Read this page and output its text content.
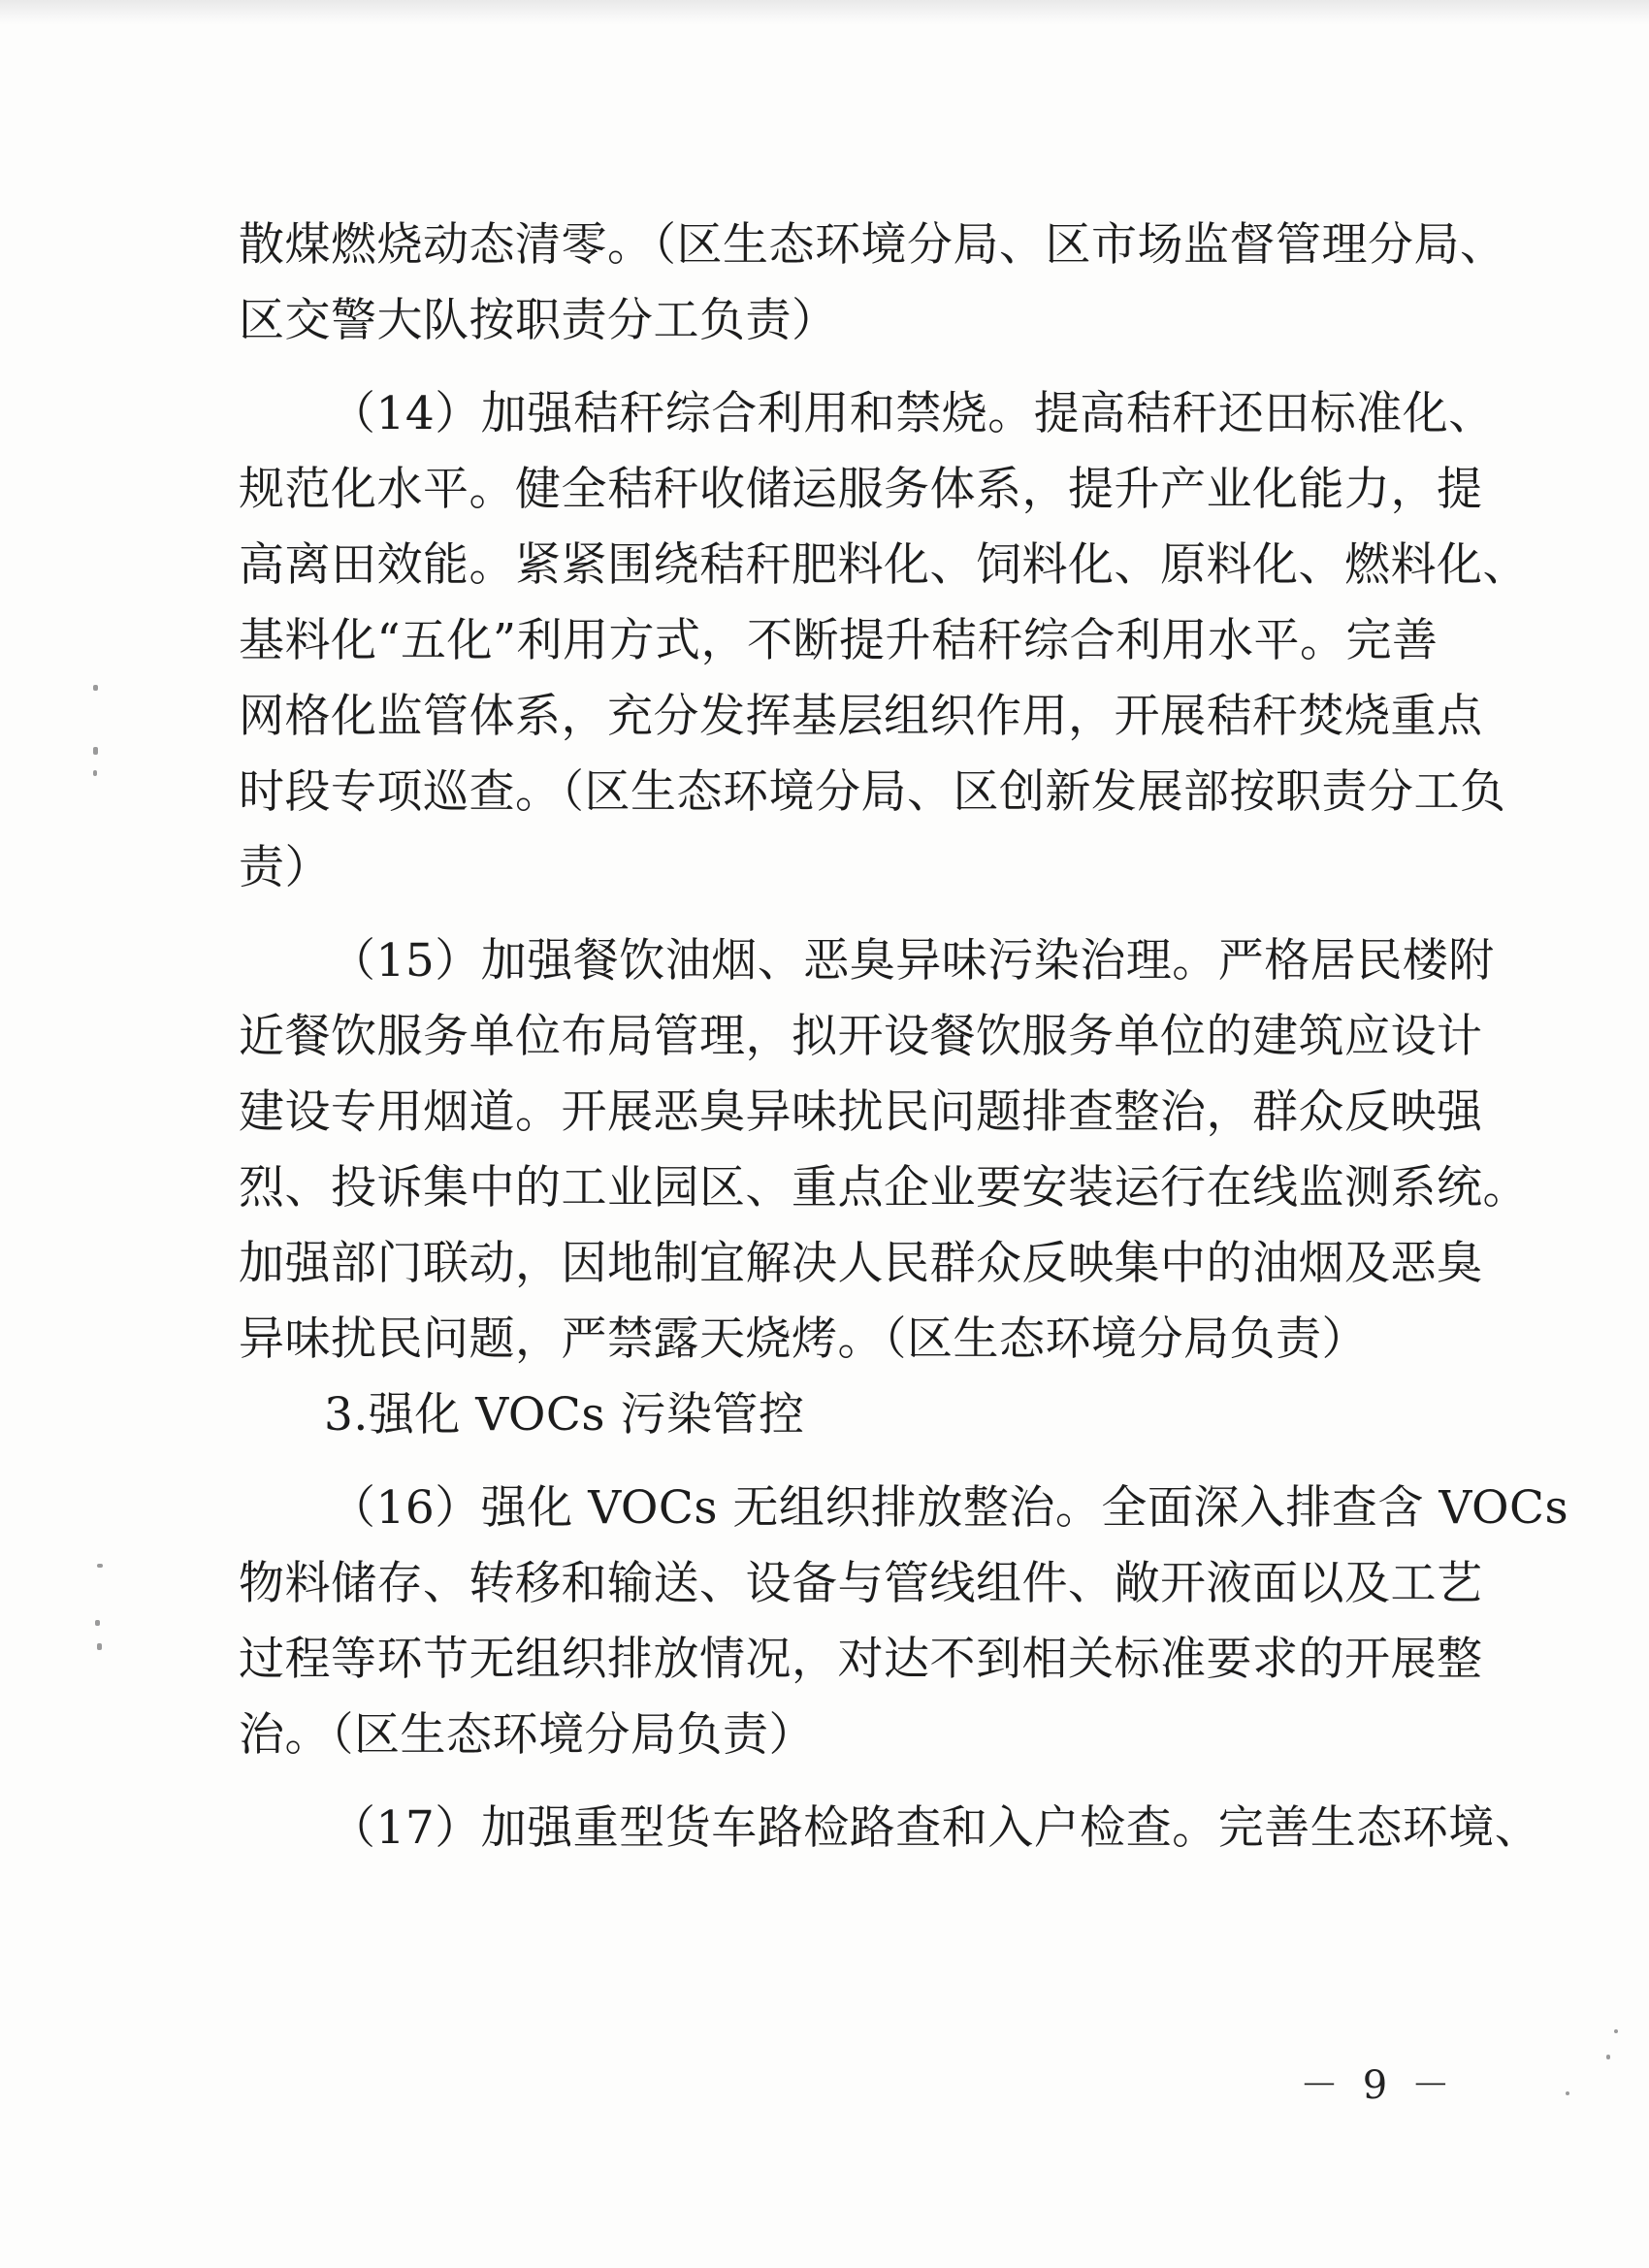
散煤燃烧动态清零。（区生态环境分局、区市场监督管理分局、
区交警大队按职责分工负责）
（14）加强秸秆综合利用和禁烧。提高秸秆还田标准化、
规范化水平。健全秸秆收储运服务体系，提升产业化能力，提
高离田效能。紧紧围绕秸秆肥料化、饲料化、原料化、燃料化、
基料化“五化”利用方式，不断提升秸秆综合利用水平。完善
网格化监管体系，充分发挥基层组织作用，开展秸秆焚烧重点
时段专项巡查。（区生态环境分局、区创新发展部按职责分工负
责）
（15）加强餐饮油烟、恶臭异味污染治理。严格居民楼附
近餐饮服务单位布局管理，拟开设餐饮服务单位的建筑应设计
建设专用烟道。开展恶臭异味扰民问题排查整治，群众反映强
烈、投诉集中的工业园区、重点企业要安装运行在线监测系统。
加强部门联动，因地制宜解决人民群众反映集中的油烟及恶臭
异味扰民问题，严禁露天烧烤。（区生态环境分局负责）
3.强化 VOCs 污染管控
（16）强化 VOCs 无组织排放整治。全面深入排查含 VOCs
物料储存、转移和输送、设备与管线组件、敞开液面以及工艺
过程等环节无组织排放情况，对达不到相关标准要求的开展整
治。（区生态环境分局负责）
（17）加强重型货车路检路查和入户检查。完善生态环境、
－ 9 －
